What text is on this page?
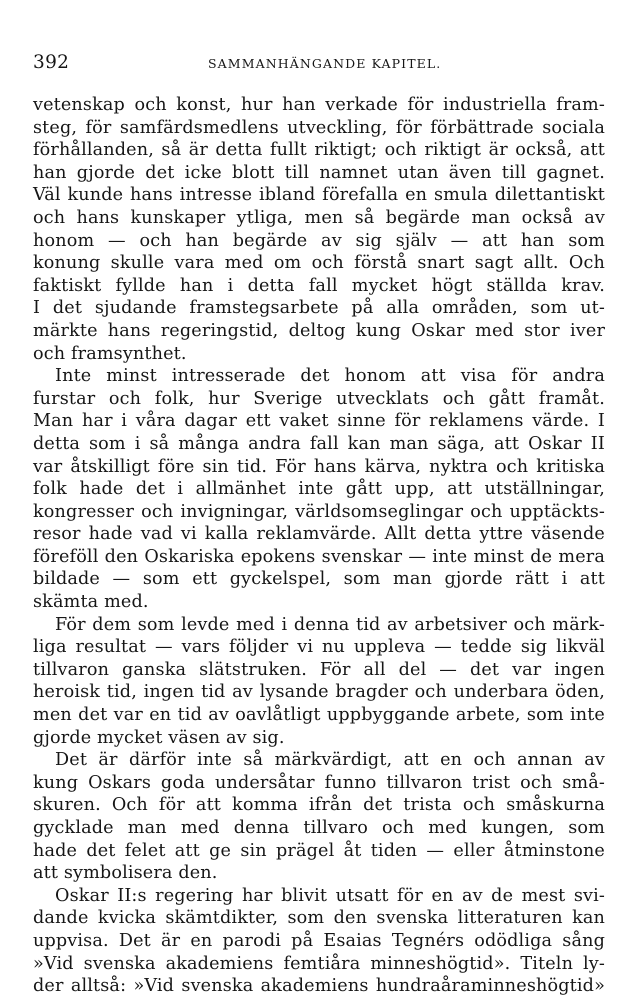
392	SAMMANHÄNGANDE KAPITEL.
vetenskap och konst, hur han verkade för industriella fram-
steg, för samfärdsmedlens utveckling, för förbättrade sociala
förhållanden, så är detta fullt riktigt; och riktigt är också, att
han gjorde det icke blott till namnet utan även till gagnet.
Väl kunde hans intresse ibland förefalla en smula dilettantiskt
och hans kunskaper ytliga, men så begärde man också av
honom — och han begärde av sig själv — att han som
konung skulle vara med om och förstå snart sagt allt. Och
faktiskt fyllde han i detta fall mycket högt ställda krav.
I det sjudande framstegsarbete på alla områden, som ut-
märkte hans regeringstid, deltog kung Oskar med stor iver
och framsynthet.
Inte minst intresserade det honom att visa för andra
furstar och folk, hur Sverige utvecklats och gått framåt.
Man har i våra dagar ett vaket sinne för reklamens värde. I
detta som i så många andra fall kan man säga, att Oskar II
var åtskilligt före sin tid. För hans kärva, nyktra och kritiska
folk hade det i allmänhet inte gått upp, att utställningar,
kongresser och invigningar, världsomseglingar och upptäckts-
resor hade vad vi kalla reklamvärde. Allt detta yttre väsende
föreföll den Oskariska epokens svenskar — inte minst de mera
bildade — som ett gyckelspel, som man gjorde rätt i att
skämta med.
För dem som levde med i denna tid av arbetsiver och märk-
liga resultat — vars följder vi nu uppleva — tedde sig likväl
tillvaron ganska slätstruken. För all del — det var ingen
heroisk tid, ingen tid av lysande bragder och underbara öden,
men det var en tid av oavlåtligt uppbyggande arbete, som inte
gjorde mycket väsen av sig.
Det är därför inte så märkvärdigt, att en och annan av
kung Oskars goda undersåtar funno tillvaron trist och små-
skuren. Och för att komma ifrån det trista och småskurna
gycklade man med denna tillvaro och med kungen, som
hade det felet att ge sin prägel åt tiden — eller åtminstone
att symbolisera den.
Oskar II:s regering har blivit utsatt för en av de mest svi-
dande kvicka skämtdikter, som den svenska litteraturen kan
uppvisa. Det är en parodi på Esaias Tegnérs odödliga sång
»Vid svenska akademiens femtiåra minneshögtid». Titeln ly-
der alltså: »Vid svenska akademiens hundraåraminneshögtid»
